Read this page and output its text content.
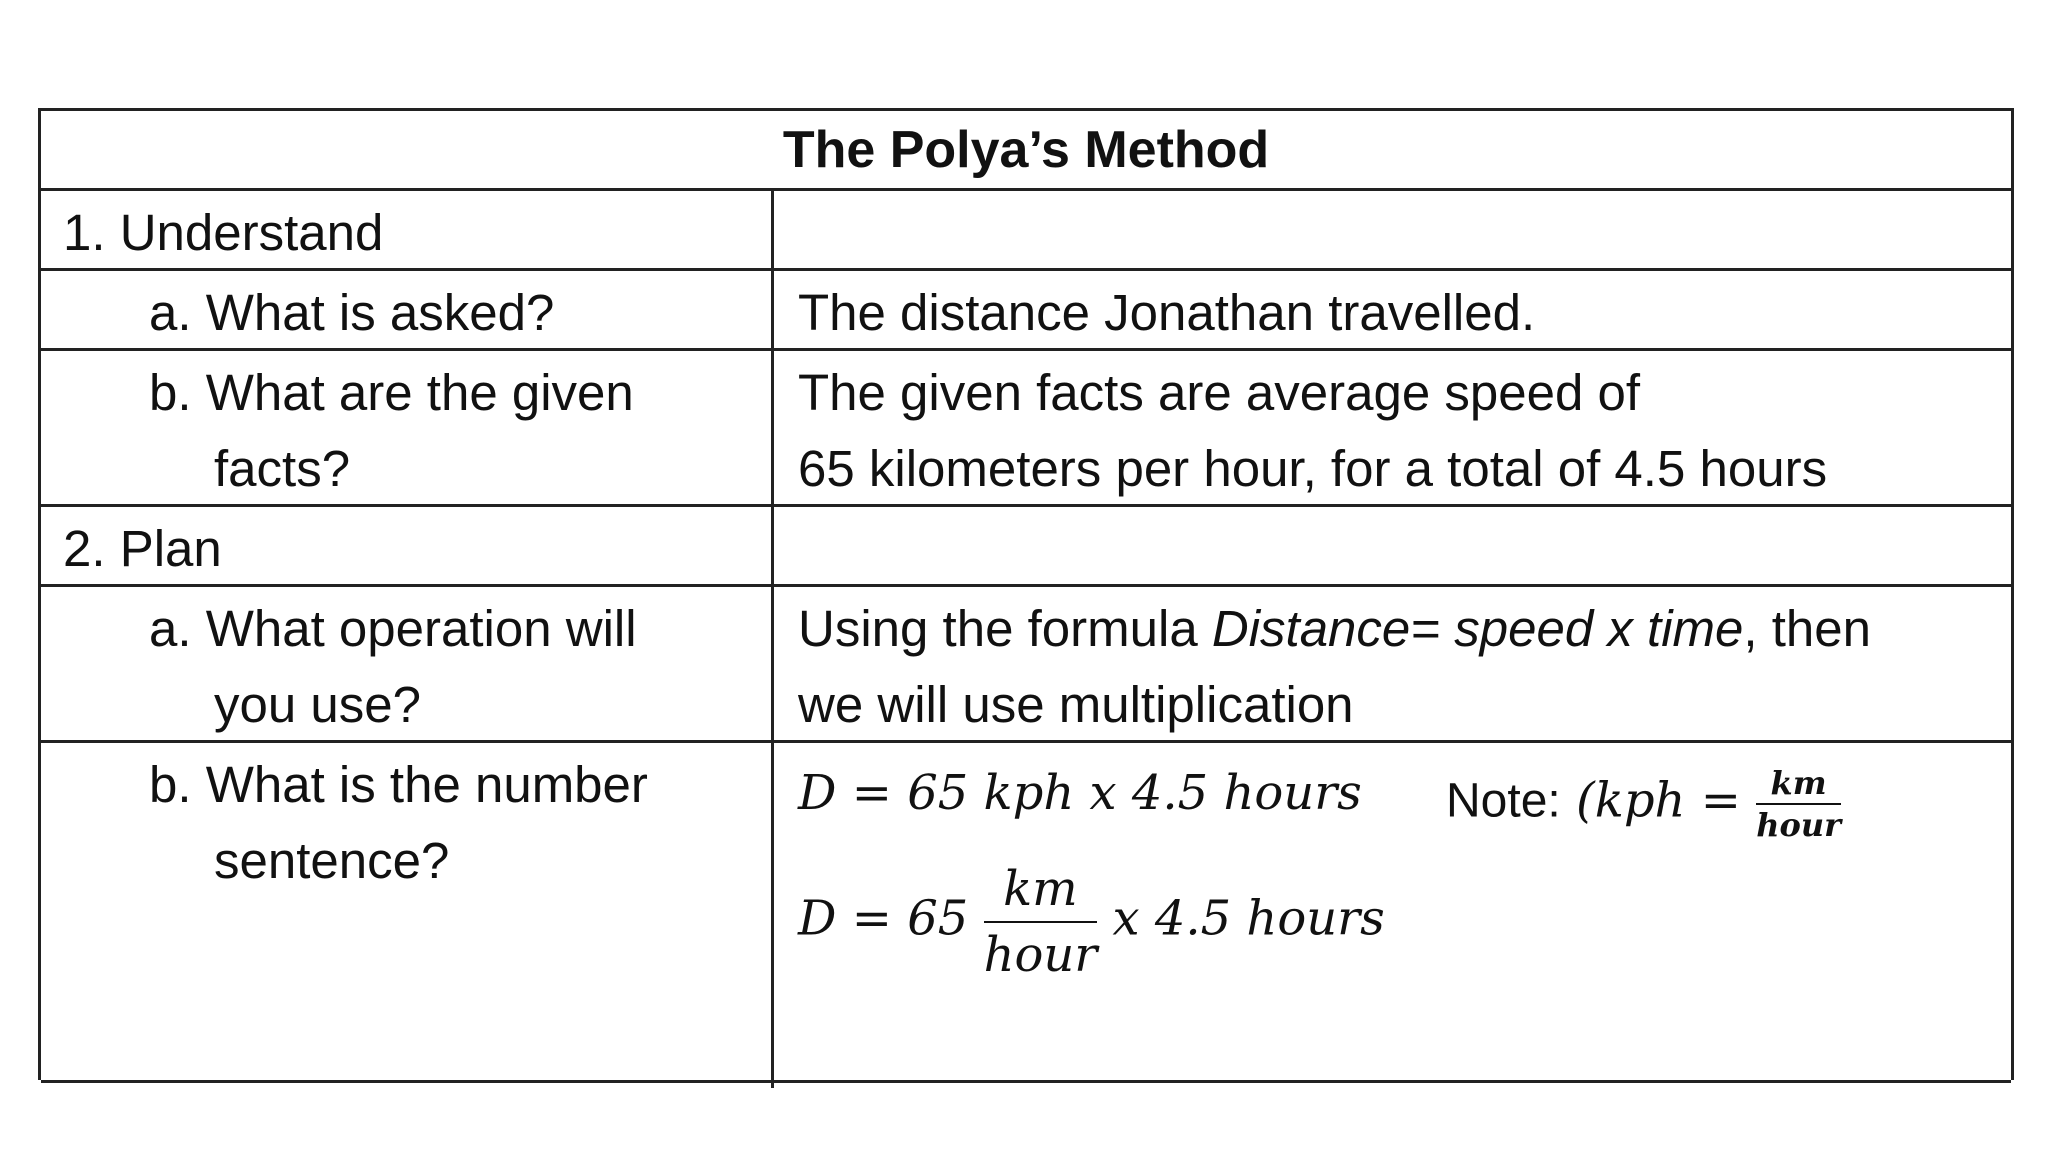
The Polya’s Method
1. Understand
a. What is asked?	The distance Jonathan travelled.
b. What are the given
facts?
The given facts are average speed of
65 kilometers per hour, for a total of 4.5 hours
2. Plan
a. What operation will
you use?
Using the formula Distance= speed x time, then
we will use multiplication
b. What is the number
sentence?
D = 65 kph x 4.5 hours Note: ($kph = \frac{km}{\text{hour}}$
$D = 65 \frac{km}{\text{hour}}$ x 4.5 hours
